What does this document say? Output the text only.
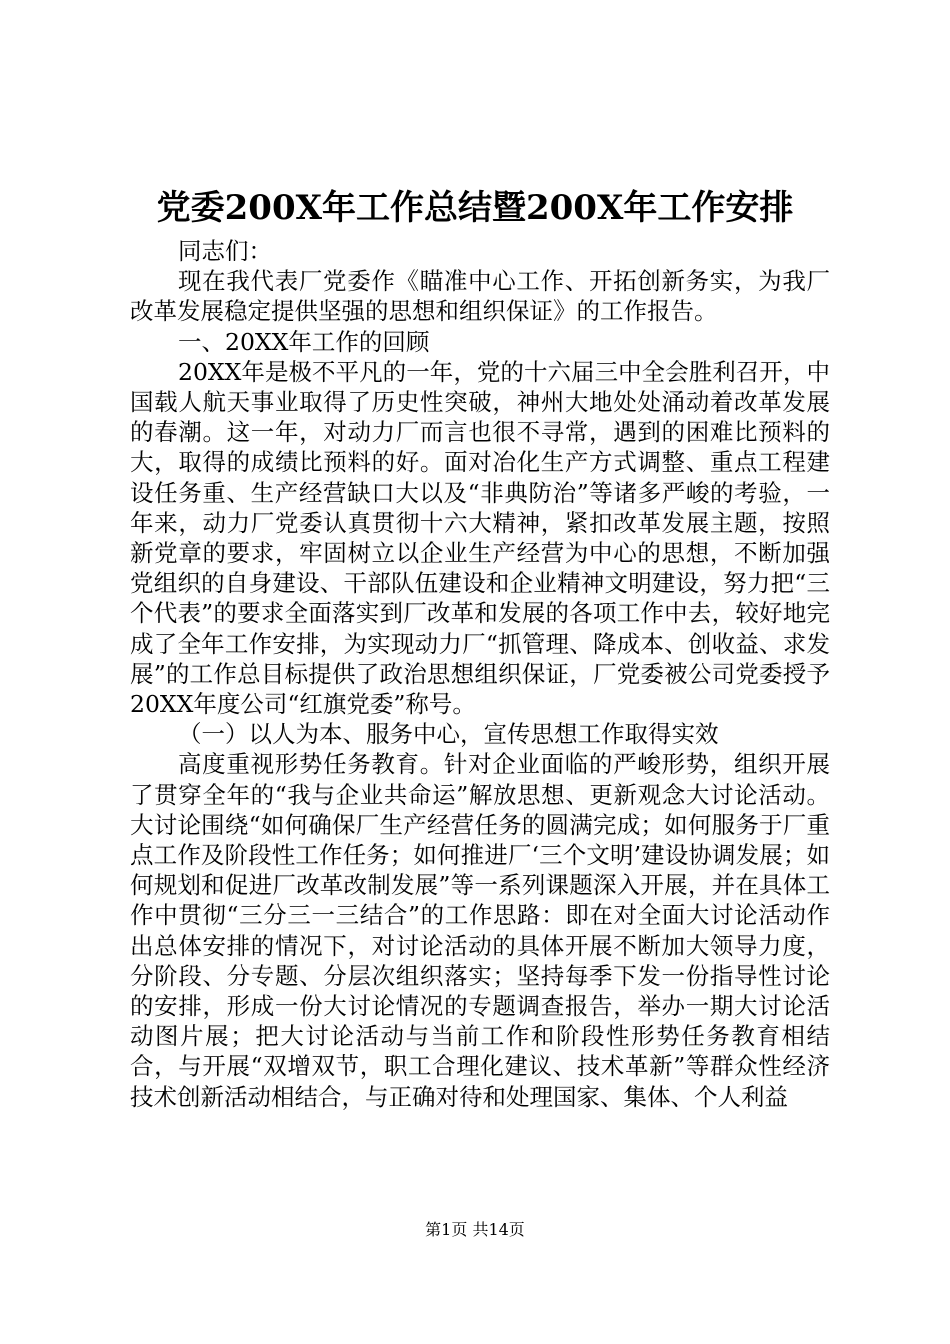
党委200X年工作总结暨200X年工作安排

同志们：

现在我代表厂党委作《瞄准中心工作、开拓创新务实，为我厂改革发展稳定提供坚强的思想和组织保证》的工作报告。

一、20XX年工作的回顾

20XX年是极不平凡的一年，党的十六届三中全会胜利召开，中国载人航天事业取得了历史性突破，神州大地处处涌动着改革发展的春潮。这一年，对动力厂而言也很不寻常，遇到的困难比预料的大，取得的成绩比预料的好。面对冶化生产方式调整、重点工程建设任务重、生产经营缺口大以及“非典防治”等诸多严峻的考验，一年来，动力厂党委认真贯彻十六大精神，紧扣改革发展主题，按照新党章的要求，牢固树立以企业生产经营为中心的思想，不断加强党组织的自身建设、干部队伍建设和企业精神文明建设，努力把“三个代表”的要求全面落实到厂改革和发展的各项工作中去，较好地完成了全年工作安排，为实现动力厂“抓管理、降成本、创收益、求发展”的工作总目标提供了政治思想组织保证，厂党委被公司党委授予20XX年度公司“红旗党委”称号。

（一）以人为本、服务中心，宣传思想工作取得实效

高度重视形势任务教育。针对企业面临的严峻形势，组织开展了贯穿全年的“我与企业共命运”解放思想、更新观念大讨论活动。大讨论围绕“如何确保厂生产经营任务的圆满完成；如何服务于厂重点工作及阶段性工作任务；如何推进厂‘三个文明’建设协调发展；如何规划和促进厂改革改制发展”等一系列课题深入开展，并在具体工作中贯彻“三分三一三结合”的工作思路：即在对全面大讨论活动作出总体安排的情况下，对讨论活动的具体开展不断加大领导力度，分阶段、分专题、分层次组织落实；坚持每季下发一份指导性讨论的安排，形成一份大讨论情况的专题调查报告，举办一期大讨论活动图片展；把大讨论活动与当前工作和阶段性形势任务教育相结合，与开展“双增双节，职工合理化建议、技术革新”等群众性经济技术创新活动相结合，与正确对待和处理国家、集体、个人利益

第1页 共14页
